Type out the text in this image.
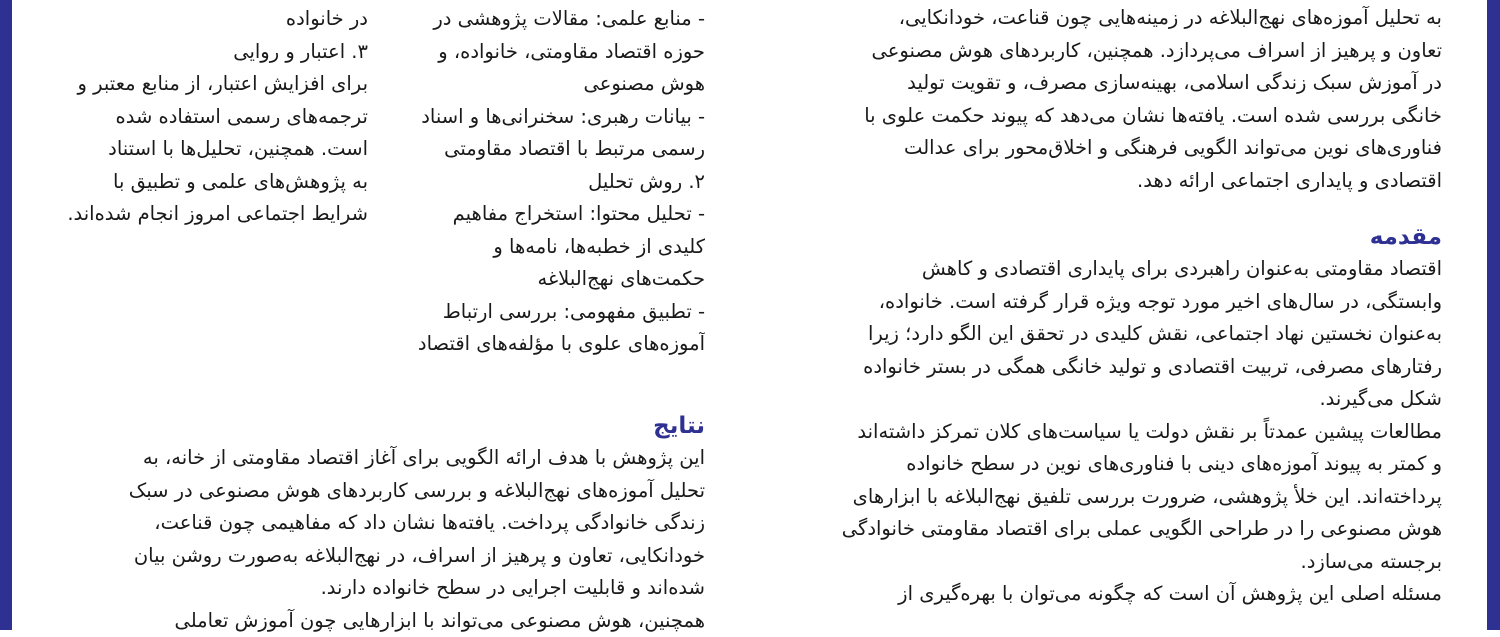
به تحلیل آموزه‌های نهج‌البلاغه در زمینه‌هایی چون قناعت، خودانکایی،
تعاون و پرهیز از اسراف می‌پردازد. همچنین، کاربردهای هوش مصنوعی
در آموزش سبک زندگی اسلامی، بهینه‌سازی مصرف، و تقویت تولید
خانگی بررسی شده است. یافته‌ها نشان می‌دهد که پیوند حکمت علوی با
فناوری‌های نوین می‌تواند الگویی فرهنگی و اخلاق‌محور برای عدالت
اقتصادی و پایداری اجتماعی ارائه دهد.
مقدمه
اقتصاد مقاومتی به‌عنوان راهبردی برای پایداری اقتصادی و کاهش
وابستگی، در سال‌های اخیر مورد توجه ویژه قرار گرفته است. خانواده،
به‌عنوان نخستین نهاد اجتماعی، نقش کلیدی در تحقق این الگو دارد؛ زیرا
رفتارهای مصرفی، تربیت اقتصادی و تولید خانگی همگی در بستر خانواده
شکل می‌گیرند.
مطالعات پیشین عمدتاً بر نقش دولت یا سیاست‌های کلان تمرکز داشته‌اند
و کمتر به پیوند آموزه‌های دینی با فناوری‌های نوین در سطح خانواده
پرداخته‌اند. این خلأ پژوهشی، ضرورت بررسی تلفیق نهج‌البلاغه با ابزارهای
هوش مصنوعی را در طراحی الگویی عملی برای اقتصاد مقاومتی خانوادگی
برجسته می‌سازد.
مسئله اصلی این پژوهش آن است که چگونه می‌توان با بهره‌گیری از
- منابع علمی: مقالات پژوهشی در
حوزه اقتصاد مقاومتی، خانواده، و
هوش مصنوعی
- بیانات رهبری: سخنرانی‌ها و اسناد
رسمی مرتبط با اقتصاد مقاومتی
۲. روش تحلیل
- تحلیل محتوا: استخراج مفاهیم
کلیدی از خطبه‌ها، نامه‌ها و
حکمت‌های نهج‌البلاغه
- تطبیق مفهومی: بررسی ارتباط
آموزه‌های علوی با مؤلفه‌های اقتصاد
در خانواده
۳. اعتبار و روایی
برای افزایش اعتبار، از منابع معتبر و
ترجمه‌های رسمی استفاده شده
است. همچنین، تحلیل‌ها با استناد
به پژوهش‌های علمی و تطبیق با
شرایط اجتماعی امروز انجام شده‌اند.
نتایج
این پژوهش با هدف ارائه الگویی برای آغاز اقتصاد مقاومتی از خانه، به
تحلیل آموزه‌های نهج‌البلاغه و بررسی کاربردهای هوش مصنوعی در سبک
زندگی خانوادگی پرداخت. یافته‌ها نشان داد که مفاهیمی چون قناعت،
خودانکایی، تعاون و پرهیز از اسراف، در نهج‌البلاغه به‌صورت روشن بیان
شده‌اند و قابلیت اجرایی در سطح خانواده دارند.
همچنین، هوش مصنوعی می‌تواند با ابزارهایی چون آموزش تعاملی
